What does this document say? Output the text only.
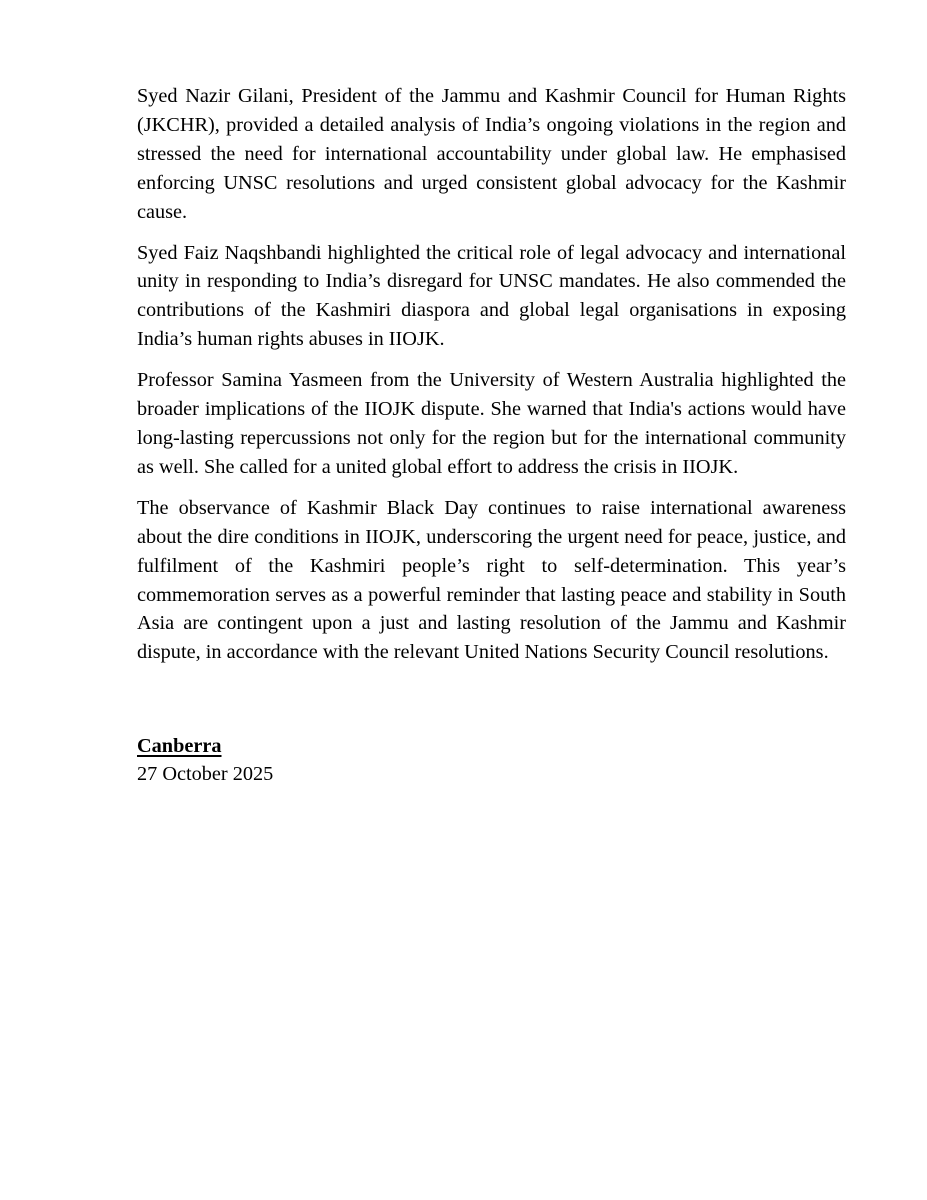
Syed Nazir Gilani, President of the Jammu and Kashmir Council for Human Rights (JKCHR), provided a detailed analysis of India’s ongoing violations in the region and stressed the need for international accountability under global law. He emphasised enforcing UNSC resolutions and urged consistent global advocacy for the Kashmir cause.

Syed Faiz Naqshbandi highlighted the critical role of legal advocacy and international unity in responding to India’s disregard for UNSC mandates. He also commended the contributions of the Kashmiri diaspora and global legal organisations in exposing India’s human rights abuses in IIOJK.

Professor Samina Yasmeen from the University of Western Australia highlighted the broader implications of the IIOJK dispute. She warned that India's actions would have long-lasting repercussions not only for the region but for the international community as well. She called for a united global effort to address the crisis in IIOJK.

The observance of Kashmir Black Day continues to raise international awareness about the dire conditions in IIOJK, underscoring the urgent need for peace, justice, and fulfilment of the Kashmiri people’s right to self-determination. This year’s commemoration serves as a powerful reminder that lasting peace and stability in South Asia are contingent upon a just and lasting resolution of the Jammu and Kashmir dispute, in accordance with the relevant United Nations Security Council resolutions.

Canberra
27 October 2025
